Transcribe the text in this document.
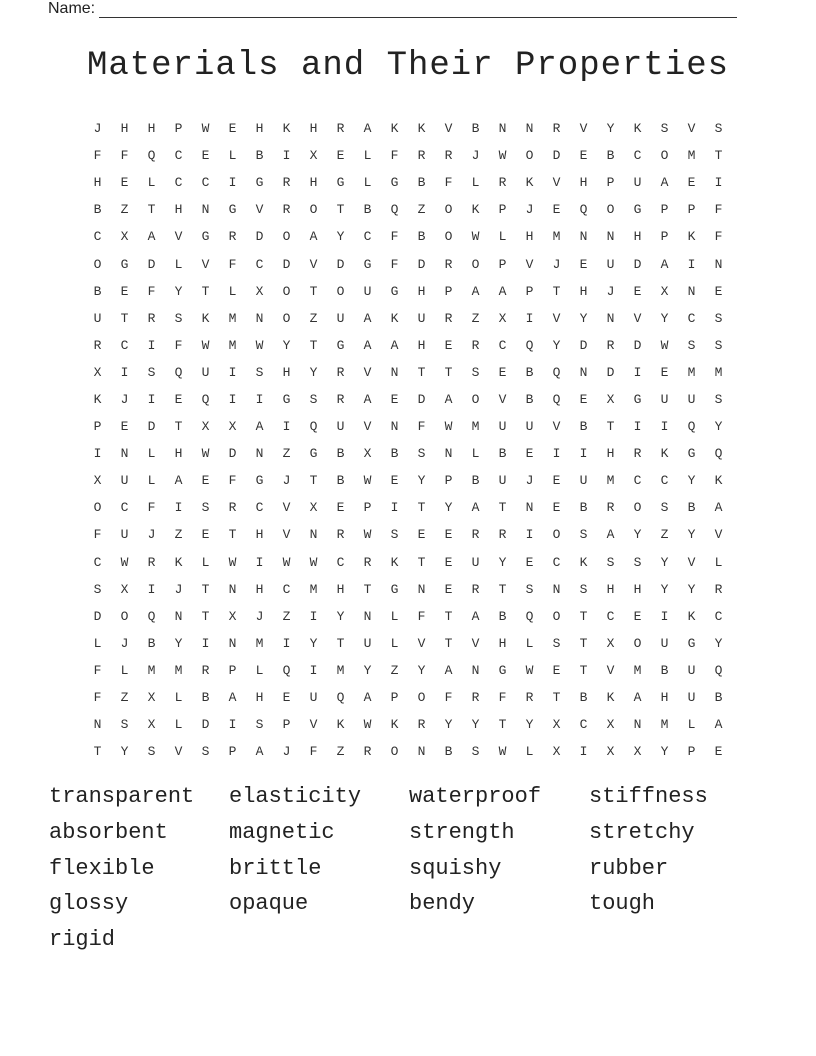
Name:
Materials and Their Properties
J	H	H	P	W	E	H	K	H	R	A	K	K	V	B	N	N	R	V	Y	K	S	V	S
F	F	Q	C	E	L	B	I	X	E	L	F	R	R	J	W	O	D	E	B	C	O	M	T
H	E	L	C	C	I	G	R	H	G	L	G	B	F	L	R	K	V	H	P	U	A	E	I
B	Z	T	H	N	G	V	R	O	T	B	Q	Z	O	K	P	J	E	Q	O	G	P	P	F
C	X	A	V	G	R	D	O	A	Y	C	F	B	O	W	L	H	M	N	N	H	P	K	F
O	G	D	L	V	F	C	D	V	D	G	F	D	R	O	P	V	J	E	U	D	A	I	N
B	E	F	Y	T	L	X	O	T	O	U	G	H	P	A	A	P	T	H	J	E	X	N	E
U	T	R	S	K	M	N	O	Z	U	A	K	U	R	Z	X	I	V	Y	N	V	Y	C	S
R	C	I	F	W	M	W	Y	T	G	A	A	H	E	R	C	Q	Y	D	R	D	W	S	S
X	I	S	Q	U	I	S	H	Y	R	V	N	T	T	S	E	B	Q	N	D	I	E	M	M
K	J	I	E	Q	I	I	G	S	R	A	E	D	A	O	V	B	Q	E	X	G	U	U	S
P	E	D	T	X	X	A	I	Q	U	V	N	F	W	M	U	U	V	B	T	I	I	Q	Y
I	N	L	H	W	D	N	Z	G	B	X	B	S	N	L	B	E	I	I	H	R	K	G	Q
X	U	L	A	E	F	G	J	T	B	W	E	Y	P	B	U	J	E	U	M	C	C	Y	K
O	C	F	I	S	R	C	V	X	E	P	I	T	Y	A	T	N	E	B	R	O	S	B	A
F	U	J	Z	E	T	H	V	N	R	W	S	E	E	R	R	I	O	S	A	Y	Z	Y	V
C	W	R	K	L	W	I	W	W	C	R	K	T	E	U	Y	E	C	K	S	S	Y	V	L
S	X	I	J	T	N	H	C	M	H	T	G	N	E	R	T	S	N	S	H	H	Y	Y	R
D	O	Q	N	T	X	J	Z	I	Y	N	L	F	T	A	B	Q	O	T	C	E	I	K	C
L	J	B	Y	I	N	M	I	Y	T	U	L	V	T	V	H	L	S	T	X	O	U	G	Y
F	L	M	M	R	P	L	Q	I	M	Y	Z	Y	A	N	G	W	E	T	V	M	B	U	Q
F	Z	X	L	B	A	H	E	U	Q	A	P	O	F	R	F	R	T	B	K	A	H	U	B
N	S	X	L	D	I	S	P	V	K	W	K	R	Y	Y	T	Y	X	C	X	N	M	L	A
T	Y	S	V	S	P	A	J	F	Z	R	O	N	B	S	W	L	X	I	X	X	Y	P	E
transparent	elasticity	waterproof	stiffness
absorbent	magnetic	strength	stretchy
flexible	brittle	squishy	rubber
glossy	opaque	bendy	tough
rigid
